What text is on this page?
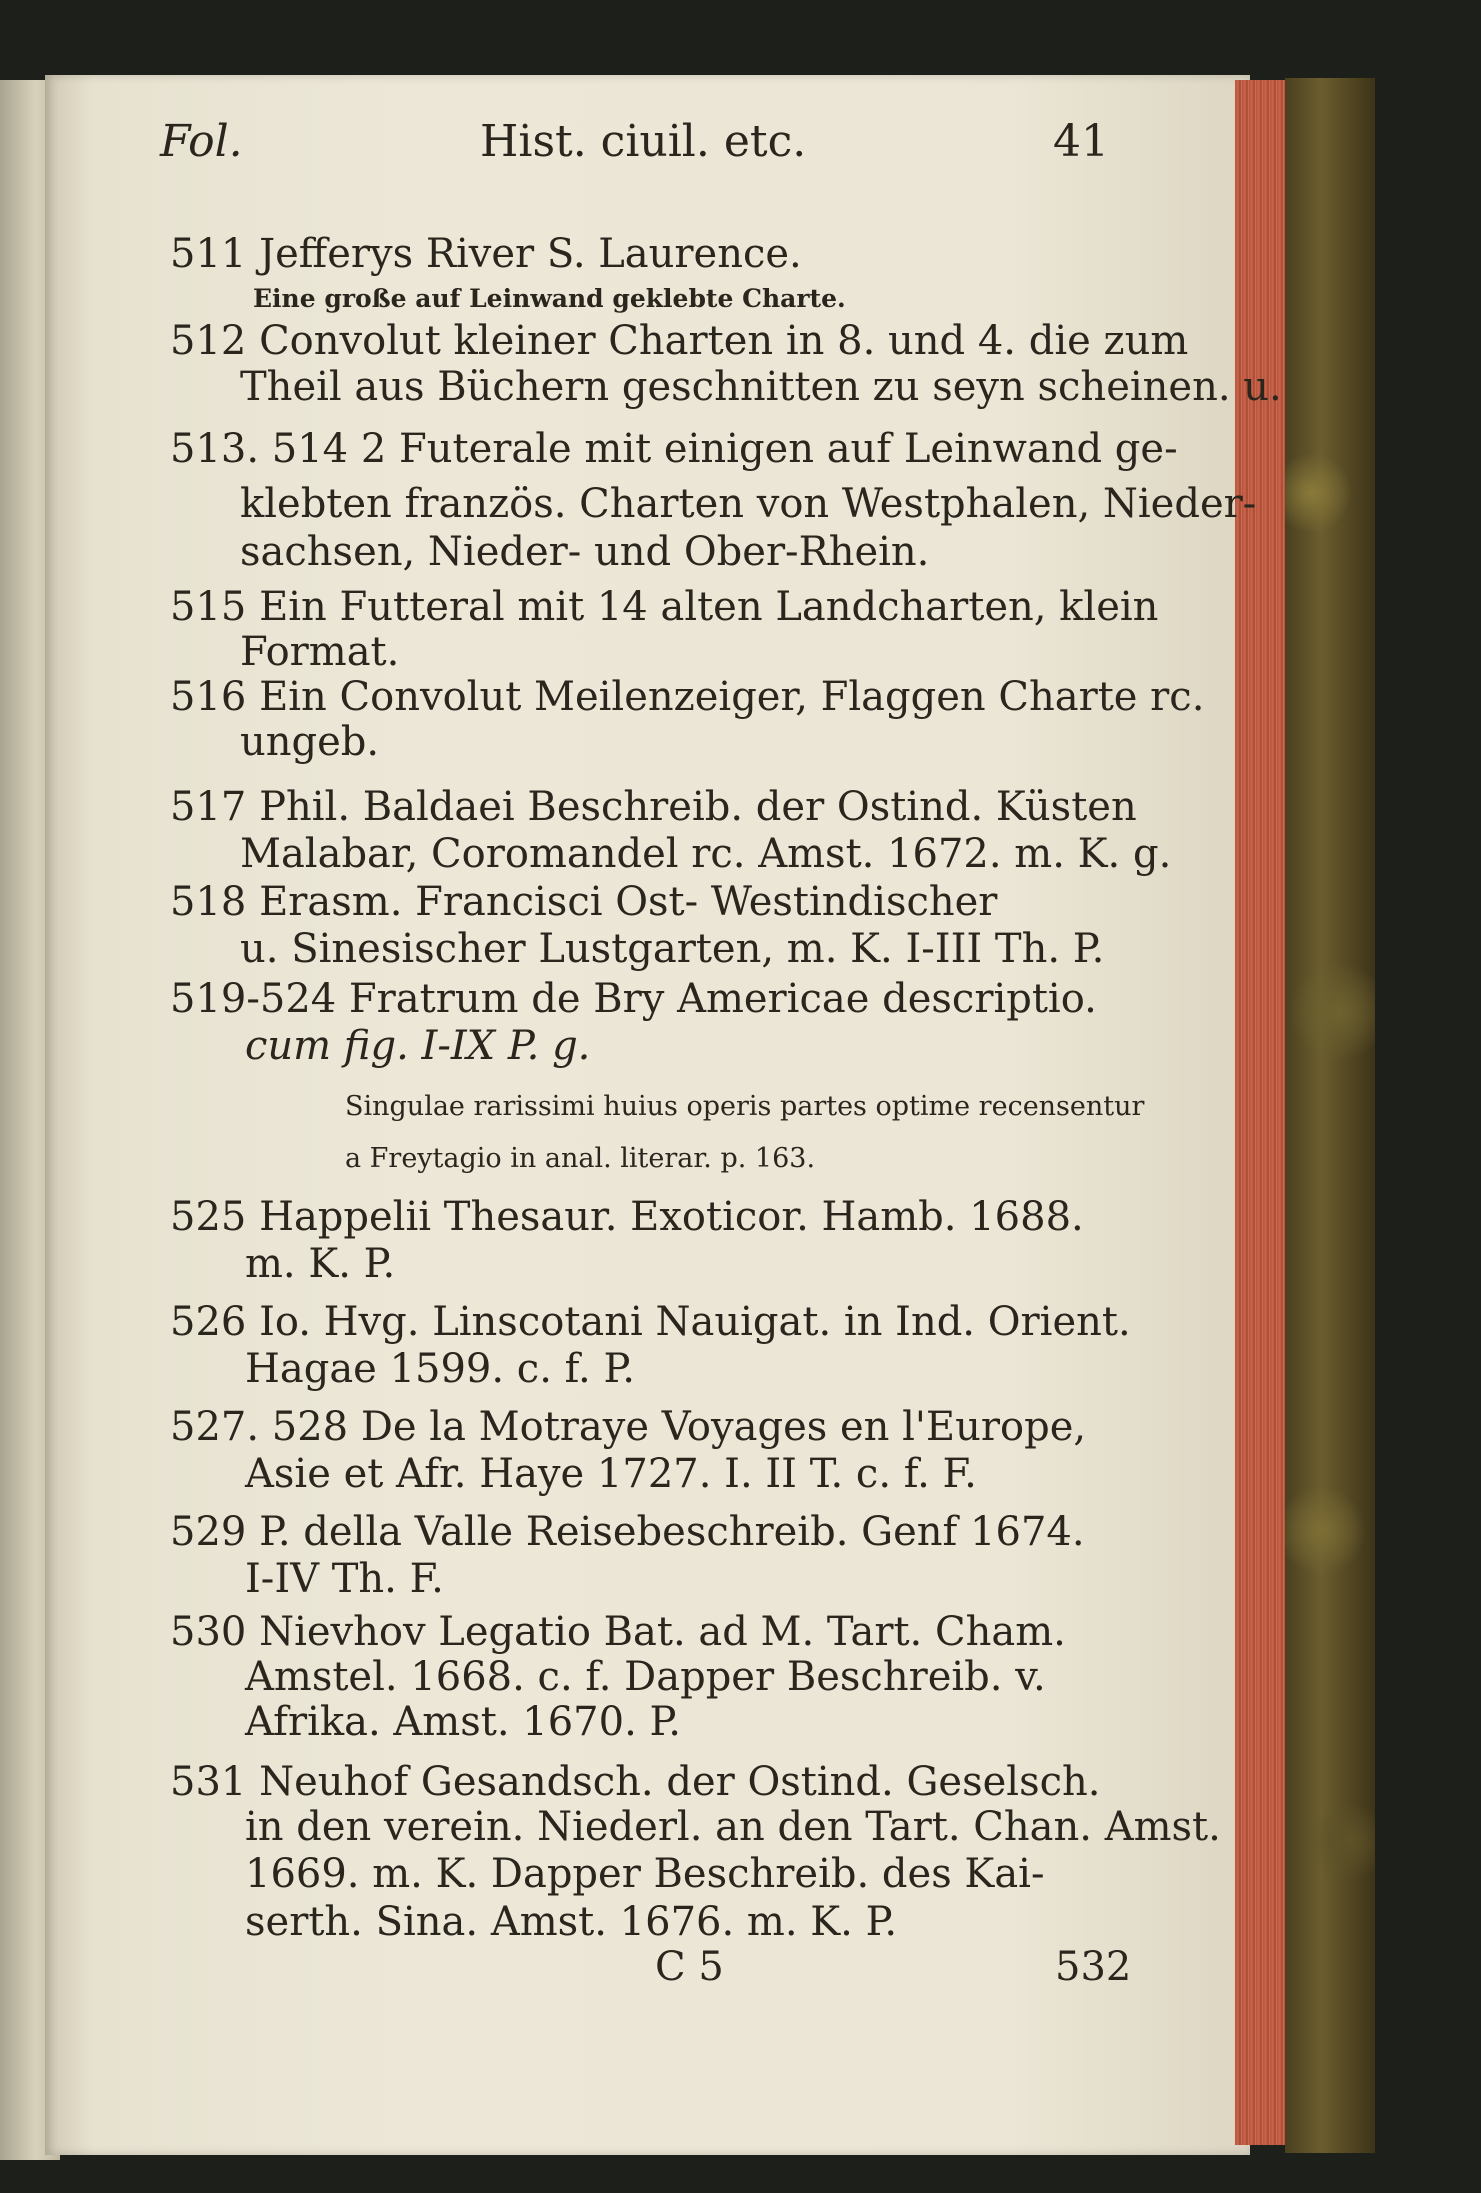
Fol.	Hist. ciuil. etc.	41
511 Jefferys River S. Laurence.
Eine große auf Leinwand geklebte Charte.
512 Convolut kleiner Charten in 8. und 4. die zum
Theil aus Büchern geschnitten zu seyn scheinen. u.
513. 514 2 Futerale mit einigen auf Leinwand ge-
klebten französ. Charten von Westphalen, Nieder-
sachsen, Nieder- und Ober-Rhein.
515 Ein Futteral mit 14 alten Landcharten, klein
Format.
516 Ein Convolut Meilenzeiger, Flaggen Charte rc.
ungeb.
517 Phil. Baldaei Beschreib. der Ostind. Küsten
Malabar, Coromandel rc. Amst. 1672. m. K. g.
518 Erasm. Francisci Ost- Westindischer
u. Sinesischer Lustgarten, m. K. I-III Th. P.
519-524 Fratrum de Bry Americae descriptio.
cum fig. I-IX P. g.
Singulae rarissimi huius operis partes optime recensentur
a Freytagio in anal. literar. p. 163.
525 Happelii Thesaur. Exoticor. Hamb. 1688.
m. K. P.
526 Io. Hvg. Linscotani Nauigat. in Ind. Orient.
Hagae 1599. c. f. P.
527. 528 De la Motraye Voyages en l'Europe,
Asie et Afr. Haye 1727. I. II T. c. f. F.
529 P. della Valle Reisebeschreib. Genf 1674.
I-IV Th. F.
530 Nievhov Legatio Bat. ad M. Tart. Cham.
Amstel. 1668. c. f. Dapper Beschreib. v.
Afrika. Amst. 1670. P.
531 Neuhof Gesandsch. der Ostind. Geselsch.
in den verein. Niederl. an den Tart. Chan. Amst.
1669. m. K. Dapper Beschreib. des Kai-
serth. Sina. Amst. 1676. m. K. P.
C 5	532
